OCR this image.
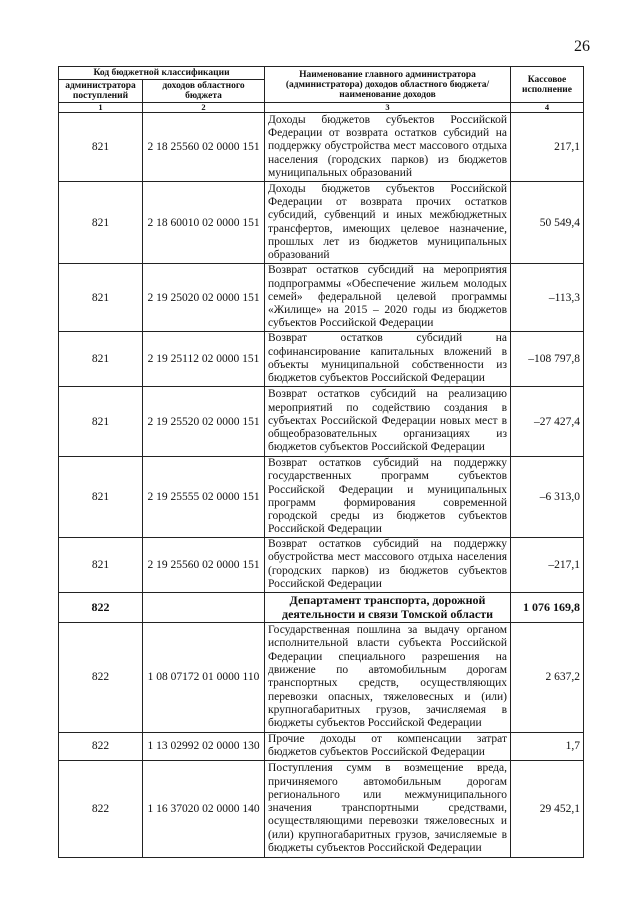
26
Код бюджетной классификации		Наименование главного администратора (администратора) доходов областного бюджета/ наименование доходов	Кассовое исполнение
администратора поступлений	доходов областного бюджета		
1	2	3	4
821	2 18 25560 02 0000 151	Доходы бюджетов субъектов Российской Федерации от возврата остатков субсидий на поддержку обустройства мест массового отдыха населения (городских парков) из бюджетов муниципальных образований	217,1
821	2 18 60010 02 0000 151	Доходы бюджетов субъектов Российской Федерации от возврата прочих остатков субсидий, субвенций и иных межбюджетных трансфертов, имеющих целевое назначение, прошлых лет из бюджетов муниципальных образований	50 549,4
821	2 19 25020 02 0000 151	Возврат остатков субсидий на мероприятия подпрограммы «Обеспечение жильем молодых семей» федеральной целевой программы «Жилище» на 2015 – 2020 годы из бюджетов субъектов Российской Федерации	–113,3
821	2 19 25112 02 0000 151	Возврат остатков субсидий на софинансирование капитальных вложений в объекты муниципальной собственности из бюджетов субъектов Российской Федерации	–108 797,8
821	2 19 25520 02 0000 151	Возврат остатков субсидий на реализацию мероприятий по содействию создания в субъектах Российской Федерации новых мест в общеобразовательных организациях из бюджетов субъектов Российской Федерации	–27 427,4
821	2 19 25555 02 0000 151	Возврат остатков субсидий на поддержку государственных программ субъектов Российской Федерации и муниципальных программ формирования современной городской среды из бюджетов субъектов Российской Федерации	–6 313,0
821	2 19 25560 02 0000 151	Возврат остатков субсидий на поддержку обустройства мест массового отдыха населения (городских парков) из бюджетов субъектов Российской Федерации	–217,1
822		Департамент транспорта, дорожной деятельности и связи Томской области	1 076 169,8
822	1 08 07172 01 0000 110	Государственная пошлина за выдачу органом исполнительной власти субъекта Российской Федерации специального разрешения на движение по автомобильным дорогам транспортных средств, осуществляющих перевозки опасных, тяжеловесных и (или) крупногабаритных грузов, зачисляемая в бюджеты субъектов Российской Федерации	2 637,2
822	1 13 02992 02 0000 130	Прочие доходы от компенсации затрат бюджетов субъектов Российской Федерации	1,7
822	1 16 37020 02 0000 140	Поступления сумм в возмещение вреда, причиняемого автомобильным дорогам регионального или межмуниципального значения транспортными средствами, осуществляющими перевозки тяжеловесных и (или) крупногабаритных грузов, зачисляемые в бюджеты субъектов Российской Федерации	29 452,1
